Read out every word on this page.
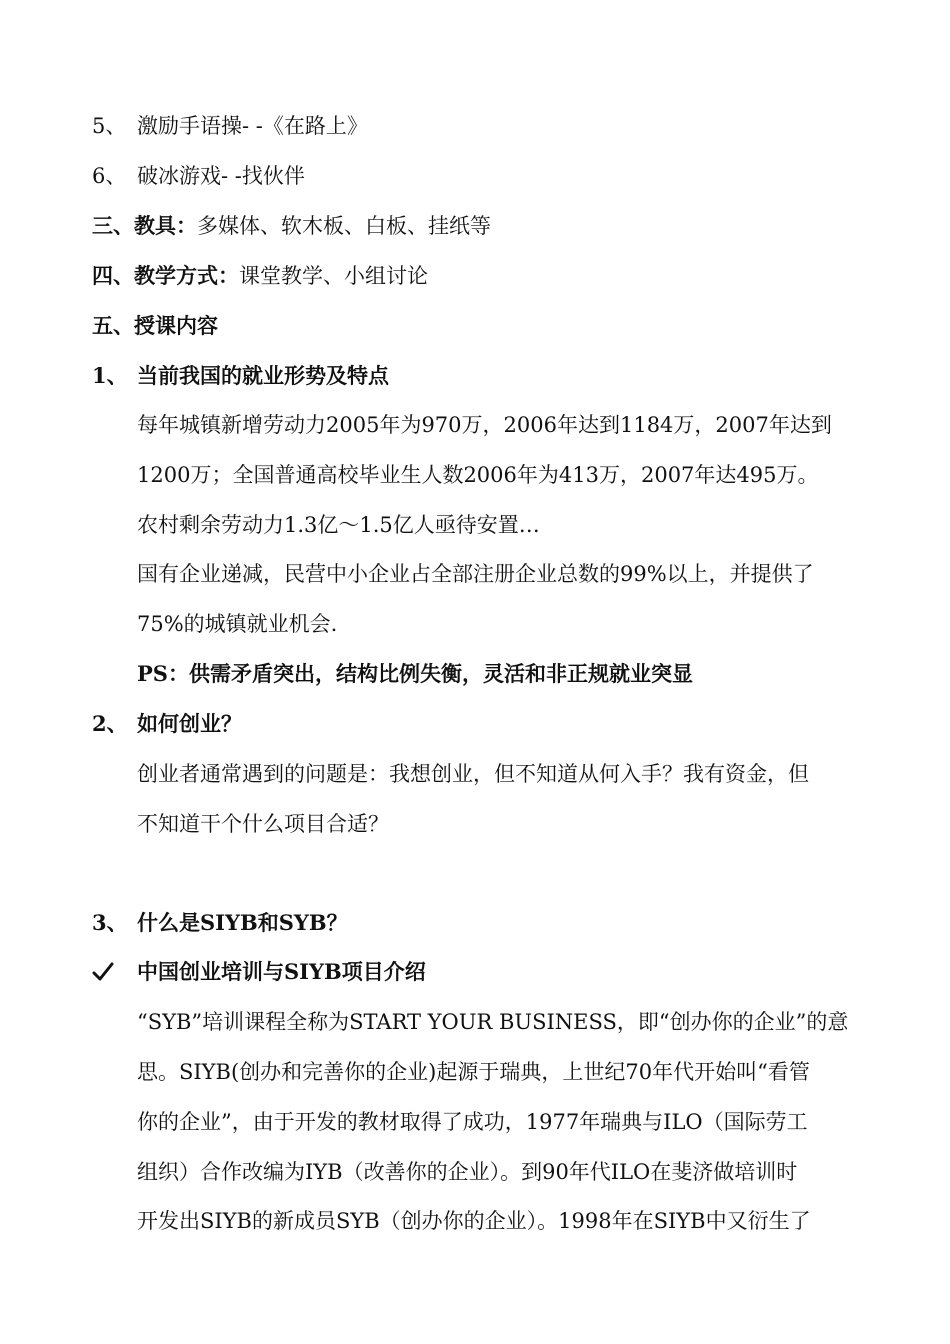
5、 激励手语操- -《在路上》
6、 破冰游戏- -找伙伴
三、教具：多媒体、软木板、白板、挂纸等
四、教学方式：课堂教学、小组讨论
五、授课内容
1、 当前我国的就业形势及特点
每年城镇新增劳动力2005年为970万，2006年达到1184万，2007年达到
1200万；全国普通高校毕业生人数2006年为413万，2007年达495万。
农村剩余劳动力1.3亿～1.5亿人亟待安置…
国有企业递减，民营中小企业占全部注册企业总数的99%以上，并提供了
75%的城镇就业机会.
PS：供需矛盾突出，结构比例失衡，灵活和非正规就业突显
2、 如何创业？
创业者通常遇到的问题是：我想创业，但不知道从何入手？我有资金，但
不知道干个什么项目合适？
3、 什么是SIYB和SYB？
中国创业培训与SIYB项目介绍
“SYB”培训课程全称为START YOUR BUSINESS，即“创办你的企业”的意
思。SIYB(创办和完善你的企业)起源于瑞典，上世纪70年代开始叫“看管
你的企业”，由于开发的教材取得了成功，1977年瑞典与ILO（国际劳工
组织）合作改编为IYB（改善你的企业）。到90年代ILO在斐济做培训时
开发出SIYB的新成员SYB（创办你的企业）。1998年在SIYB中又衍生了
